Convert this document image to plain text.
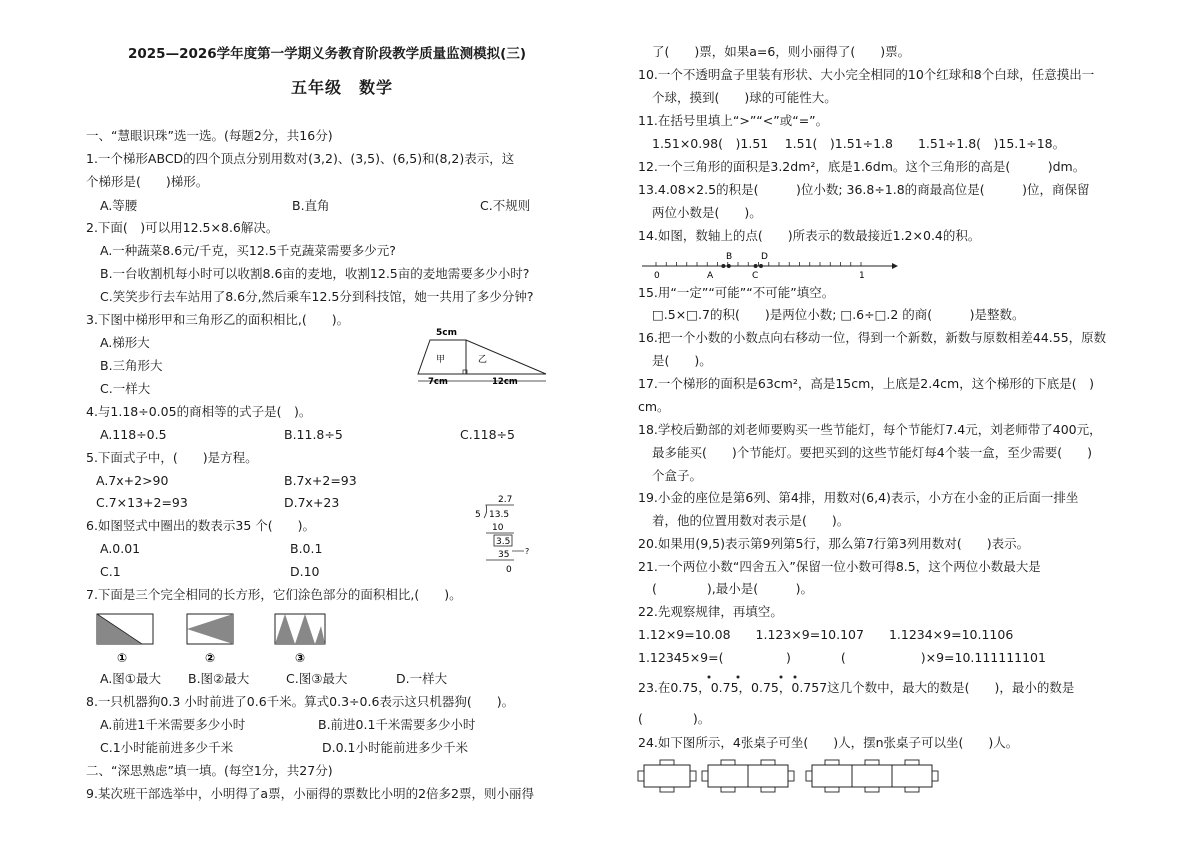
2025—2026学年度第一学期义务教育阶段教学质量监测模拟(三)
五年级　数学
一、“慧眼识珠”选一选。(每题2分，共16分)
1.一个梯形ABCD的四个顶点分别用数对(3,2)、(3,5)、(6,5)和(8,2)表示，这
个梯形是(　　)梯形。
A.等腰	B.直角	C.不规则
2.下面(　)可以用12.5×8.6解决。
A.一种蔬菜8.6元/千克，买12.5千克蔬菜需要多少元?
B.一台收割机每小时可以收割8.6亩的麦地，收割12.5亩的麦地需要多少小时?
C.笑笑步行去车站用了8.6分,然后乘车12.5分到科技馆，她一共用了多少分钟?
3.下图中梯形甲和三角形乙的面积相比,(　　)。
A.梯形大
B.三角形大
C.一样大
5cm
甲	乙
7cm	12cm
4.与1.18÷0.05的商相等的式子是(　)。
A.118÷0.5	B.11.8÷5	C.118÷5
5.下面式子中，(　　)是方程。
A.7x+2>90	B.7x+2=93
C.7×13+2=93	D.7x+23
6.如图竖式中圈出的数表示35 个(　　)。
A.0.01	B.0.1
C.1	D.10
2.7
5 13.5
10
3.5
?
35
0
7.下面是三个完全相同的长方形，它们涂色部分的面积相比,(　　)。
①	②	③
A.图①最大 B.图②最大	C.图③最大	D.一样大
8.一只机器狗0.3 小时前进了0.6千米。算式0.3÷0.6表示这只机器狗(　　)。
A.前进1千米需要多少小时	B.前进0.1千米需要多少小时
C.1小时能前进多少千米	D.0.1小时能前进多少千米
二、“深思熟虑”填一填。(每空1分，共27分)
9.某次班干部选举中，小明得了a票，小丽得的票数比小明的2倍多2票，则小丽得
了(　　)票，如果a=6，则小丽得了(　　)票。
10.一个不透明盒子里装有形状、大小完全相同的10个红球和8个白球，任意摸出一
个球，摸到(　　)球的可能性大。
11.在括号里填上“>”“<”或“=”。
1.51×0.98(　)1.51　 1.51(　)1.51÷1.8　　1.51÷1.8(　)15.1÷18。
12.一个三角形的面积是3.2dm²，底是1.6dm。这个三角形的高是(　　　)dm。
13.4.08×2.5的积是(　　　)位小数; 36.8÷1.8的商最高位是(　　　)位，商保留
两位小数是(　　)。
14.如图，数轴上的点(　　)所表示的数最接近1.2×0.4的积。
0	1
A
B
C
D
15.用“一定”“可能”“不可能”填空。
□.5×□.7的积(　　)是两位小数; □.6÷□.2 的商(　　　)是整数。
16.把一个小数的小数点向右移动一位，得到一个新数，新数与原数相差44.55，原数
是(　　)。
17.一个梯形的面积是63cm²，高是15cm，上底是2.4cm，这个梯形的下底是(　)
cm。
18.学校后勤部的刘老师要购买一些节能灯，每个节能灯7.4元，刘老师带了400元，
最多能买(　　)个节能灯。要把买到的这些节能灯每4个装一盒，至少需要(　　)
个盒子。
19.小金的座位是第6列、第4排，用数对(6,4)表示，小方在小金的正后面一排坐
着，他的位置用数对表示是(　　)。
20.如果用(9,5)表示第9列第5行，那么第7行第3列用数对(　　)表示。
21.一个两位小数“四舍五入”保留一位小数可得8.5，这个两位小数最大是
(　　　　),最小是(　　　)。
22.先观察规律，再填空。
1.12×9=10.08　　1.123×9=10.107　　1.1234×9=10.1106
1.12345×9=(　　　　　)　　　　(　　　　　　)×9=10.111111101
23.在0.75，0.75，0.75，0.757这几个数中，最大的数是(　　)，最小的数是
(　　　　)。
24.如下图所示，4张桌子可坐(　　)人，摆n张桌子可以坐(　　)人。
